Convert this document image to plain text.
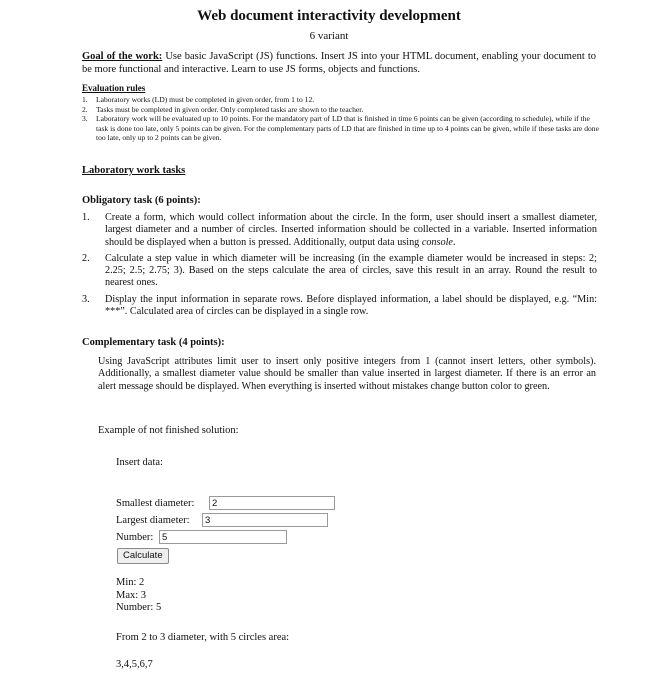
Web document interactivity development
6 variant
Goal of the work: Use basic JavaScript (JS) functions. Insert JS into your HTML document, enabling your document to be more functional and interactive. Learn to use JS forms, objects and functions.
Evaluation rules
1. Laboratory works (LD) must be completed in given order, from 1 to 12.
2. Tasks must be completed in given order. Only completed tasks are shown to the teacher.
3. Laboratory work will be evaluated up to 10 points. For the mandatory part of LD that is finished in time 6 points can be given (according to schedule), while if the task is done too late, only 5 points can be given. For the complementary parts of LD that are finished in time up to 4 points can be given, while if these tasks are done too late, only up to 2 points can be given.
Laboratory work tasks
Obligatory task (6 points):
1. Create a form, which would collect information about the circle. In the form, user should insert a smallest diameter, largest diameter and a number of circles. Inserted information should be collected in a variable. Inserted information should be displayed when a button is pressed. Additionally, output data using console.
2. Calculate a step value in which diameter will be increasing (in the example diameter would be increased in steps: 2; 2.25; 2.5; 2.75; 3). Based on the steps calculate the area of circles, save this result in an array. Round the result to nearest ones.
3. Display the input information in separate rows. Before displayed information, a label should be displayed, e.g. “Min: ***”. Calculated area of circles can be displayed in a single row.
Complementary task (4 points):
Using JavaScript attributes limit user to insert only positive integers from 1 (cannot insert letters, other symbols). Additionally, a smallest diameter value should be smaller than value inserted in largest diameter. If there is an error an alert message should be displayed. When everything is inserted without mistakes change button color to green.
Example of not finished solution:
Insert data:
Smallest diameter:	2
Largest diameter:	3
Number: 5
Calculate
Min: 2
Max: 3
Number: 5
From 2 to 3 diameter, with 5 circles area:
3,4,5,6,7
